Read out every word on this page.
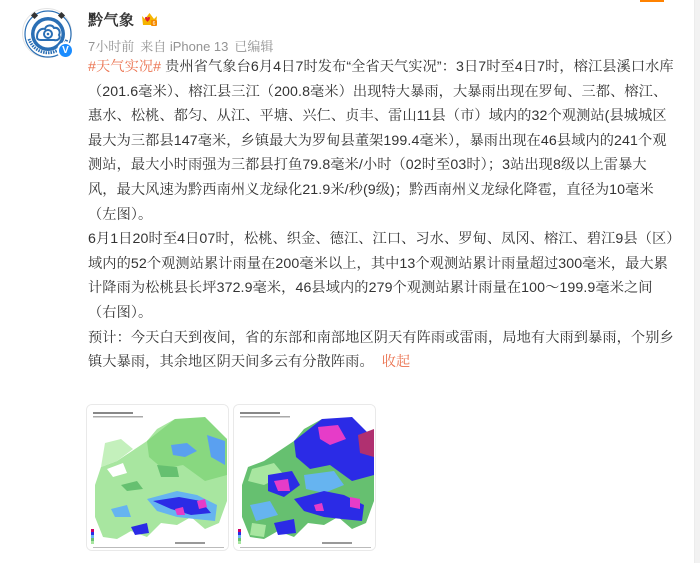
V
黔气象	6
7小时前 来自 iPhone 13 已编辑

#天气实况# 贵州省气象台6月4日7时发布“全省天气实况”：3日7时至4日7时，榕江县溪口水库（201.6毫米）、榕江县三江（200.8毫米）出现特大暴雨，大暴雨出现在罗甸、三都、榕江、惠水、松桃、都匀、从江、平塘、兴仁、贞丰、雷山11县（市）域内的32个观测站(县城城区最大为三都县147毫米，乡镇最大为罗甸县董架199.4毫米），暴雨出现在46县域内的241个观测站，最大小时雨强为三都县打鱼79.8毫米/小时（02时至03时）；3站出现8级以上雷暴大风，最大风速为黔西南州义龙绿化21.9米/秒(9级)；黔西南州义龙绿化降雹，直径为10毫米（左图）。

6月1日20时至4日07时，松桃、织金、德江、江口、习水、罗甸、凤冈、榕江、碧江9县（区）域内的52个观测站累计雨量在200毫米以上，其中13个观测站累计雨量超过300毫米，最大累计降雨为松桃县长坪372.9毫米，46县域内的279个观测站累计雨量在100～199.9毫米之间（右图）。

预计：今天白天到夜间，省的东部和南部地区阴天有阵雨或雷雨，局地有大雨到暴雨，个别乡镇大暴雨，其余地区阴天间多云有分散阵雨。 收起
